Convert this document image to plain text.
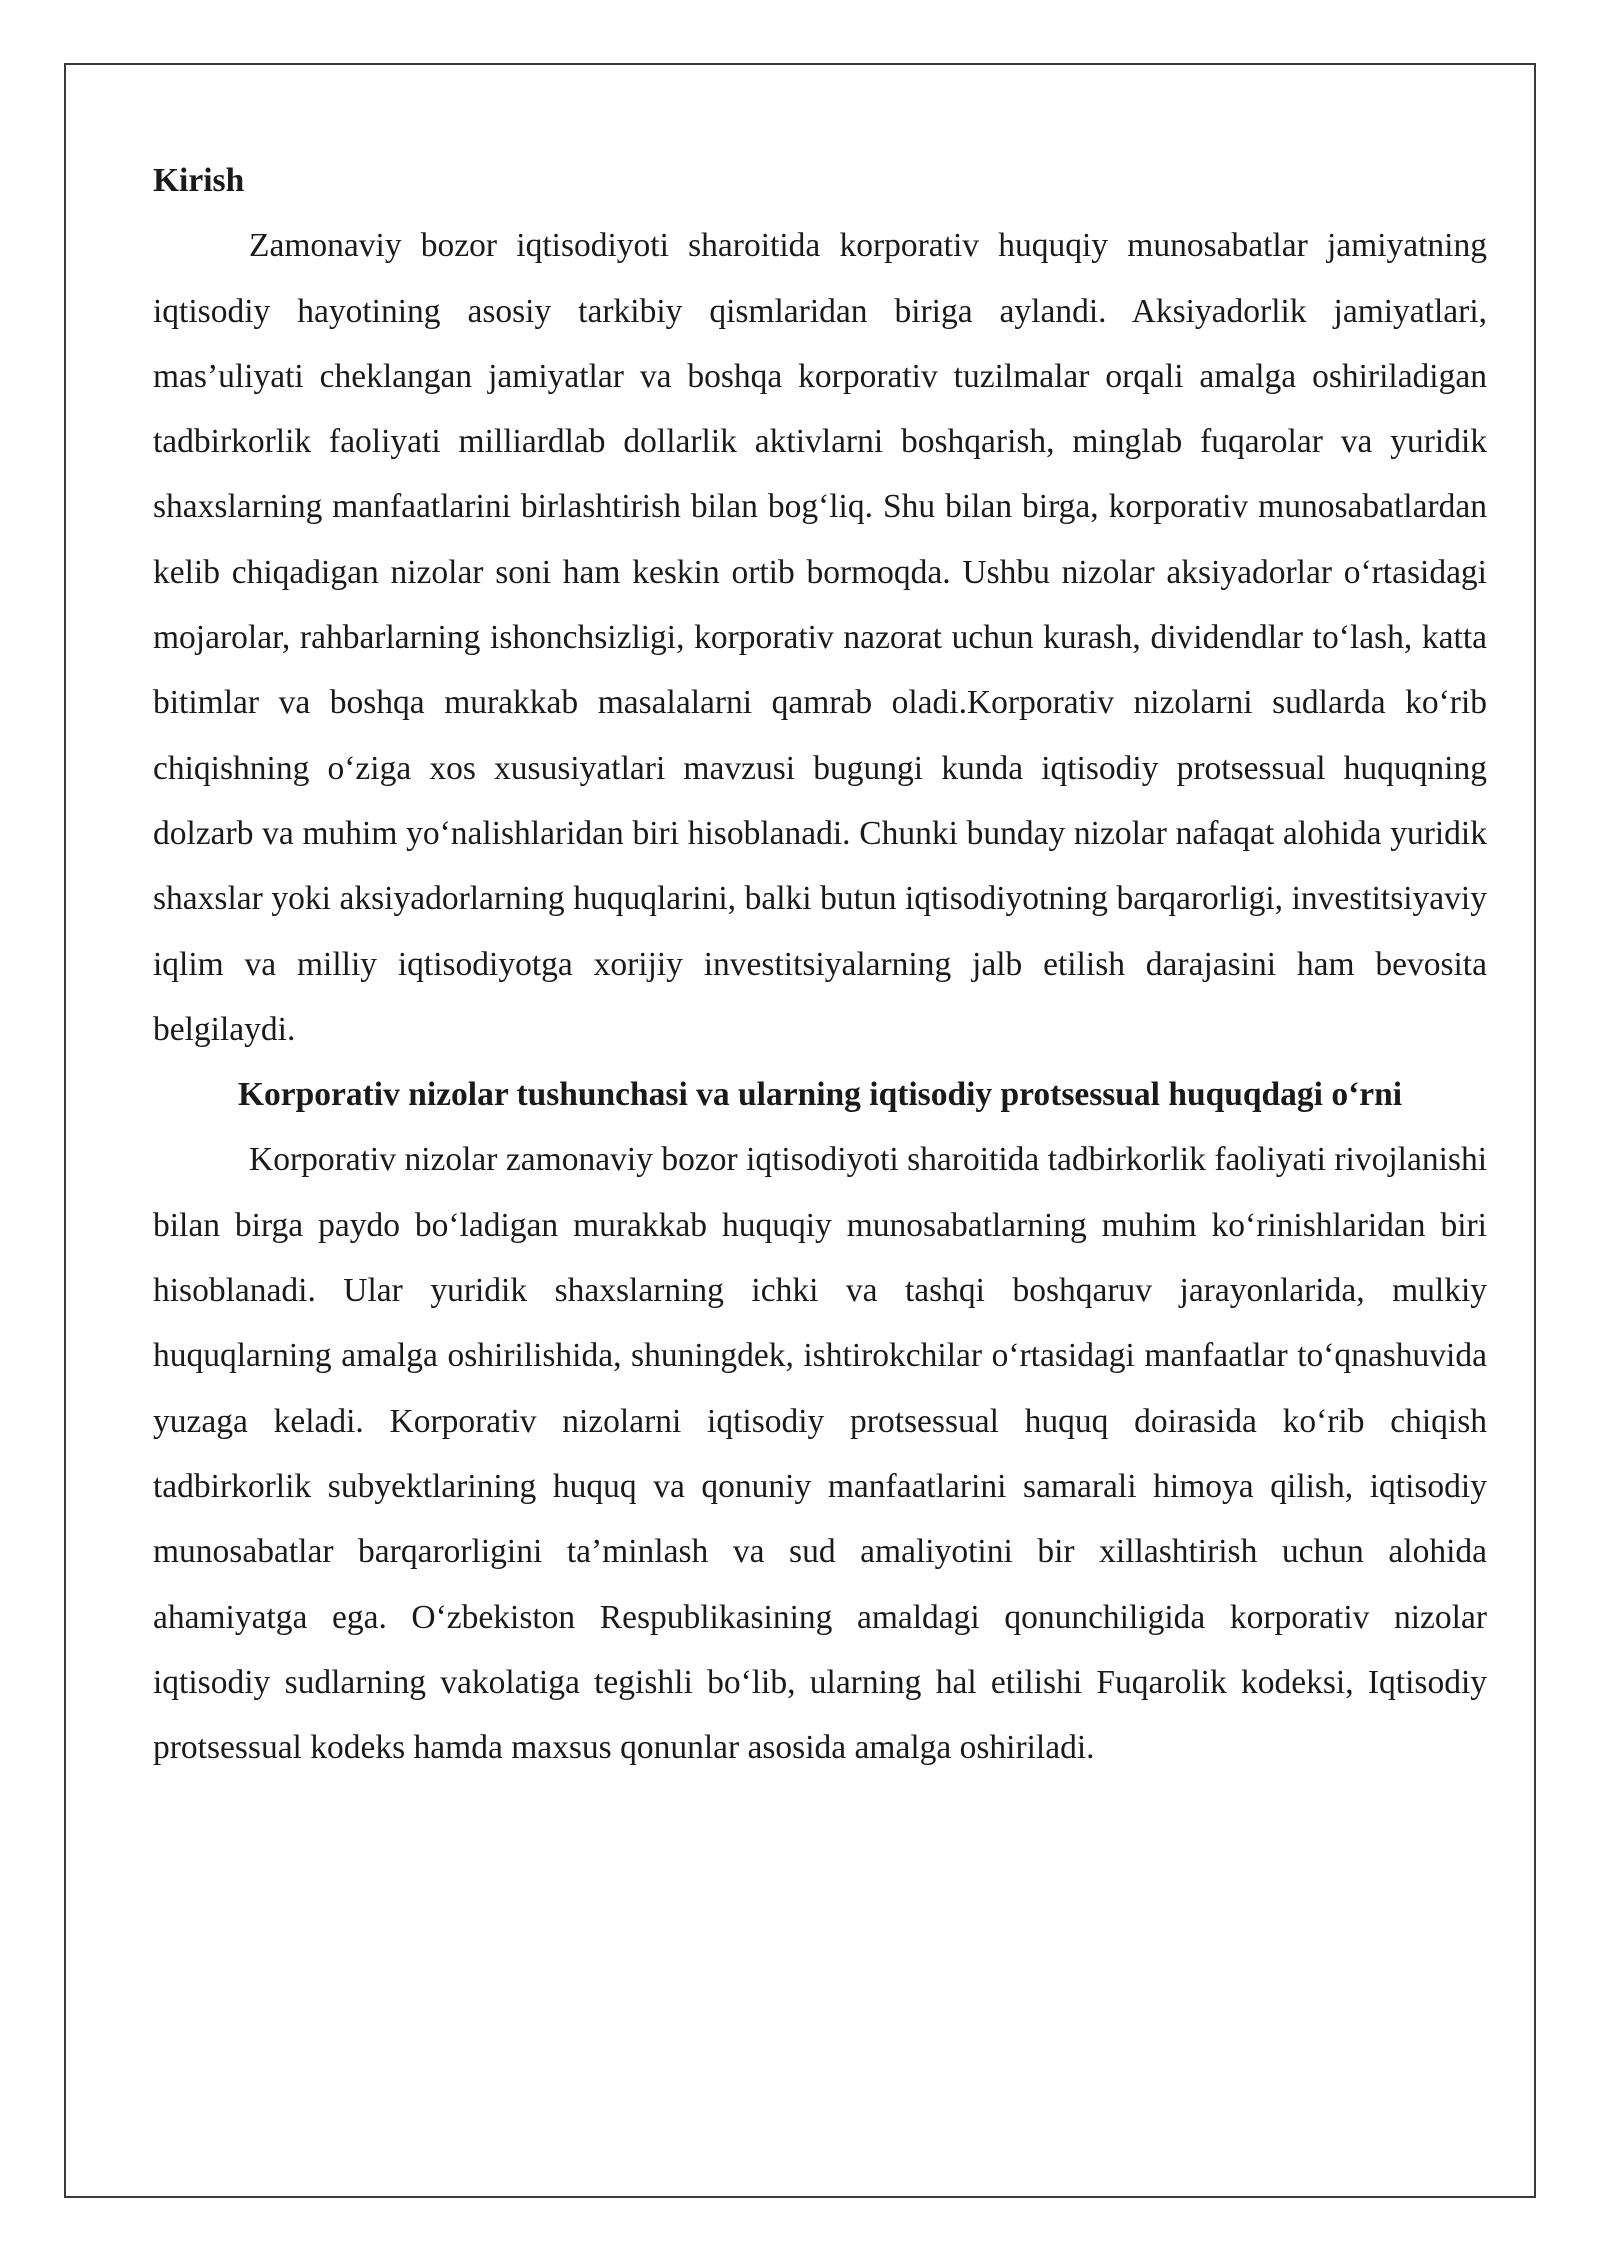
Kirish

Zamonaviy bozor iqtisodiyoti sharoitida korporativ huquqiy munosabatlar jamiyatning iqtisodiy hayotining asosiy tarkibiy qismlaridan biriga aylandi. Aksiyadorlik jamiyatlari, mas’uliyati cheklangan jamiyatlar va boshqa korporativ tuzilmalar orqali amalga oshiriladigan tadbirkorlik faoliyati milliardlab dollarlik aktivlarni boshqarish, minglab fuqarolar va yuridik shaxslarning manfaatlarini birlashtirish bilan bog‘liq. Shu bilan birga, korporativ munosabatlardan kelib chiqadigan nizolar soni ham keskin ortib bormoqda. Ushbu nizolar aksiyadorlar o‘rtasidagi mojarolar, rahbarlarning ishonchsizligi, korporativ nazorat uchun kurash, dividendlar to‘lash, katta bitimlar va boshqa murakkab masalalarni qamrab oladi.Korporativ nizolarni sudlarda ko‘rib chiqishning o‘ziga xos xususiyatlari mavzusi bugungi kunda iqtisodiy protsessual huquqning dolzarb va muhim yo‘nalishlaridan biri hisoblanadi. Chunki bunday nizolar nafaqat alohida yuridik shaxslar yoki aksiyadorlarning huquqlarini, balki butun iqtisodiyotning barqarorligi, investitsiyaviy iqlim va milliy iqtisodiyotga xorijiy investitsiyalarning jalb etilish darajasini ham bevosita belgilaydi.

Korporativ nizolar tushunchasi va ularning iqtisodiy protsessual huquqdagi o‘rni

Korporativ nizolar zamonaviy bozor iqtisodiyoti sharoitida tadbirkorlik faoliyati rivojlanishi bilan birga paydo bo‘ladigan murakkab huquqiy munosabatlarning muhim ko‘rinishlaridan biri hisoblanadi. Ular yuridik shaxslarning ichki va tashqi boshqaruv jarayonlarida, mulkiy huquqlarning amalga oshirilishida, shuningdek, ishtirokchilar o‘rtasidagi manfaatlar to‘qnashuvida yuzaga keladi. Korporativ nizolarni iqtisodiy protsessual huquq doirasida ko‘rib chiqish tadbirkorlik subyektlarining huquq va qonuniy manfaatlarini samarali himoya qilish, iqtisodiy munosabatlar barqarorligini ta’minlash va sud amaliyotini bir xillashtirish uchun alohida ahamiyatga ega. O‘zbekiston Respublikasining amaldagi qonunchiligida korporativ nizolar iqtisodiy sudlarning vakolatiga tegishli bo‘lib, ularning hal etilishi Fuqarolik kodeksi, Iqtisodiy protsessual kodeks hamda maxsus qonunlar asosida amalga oshiriladi.
